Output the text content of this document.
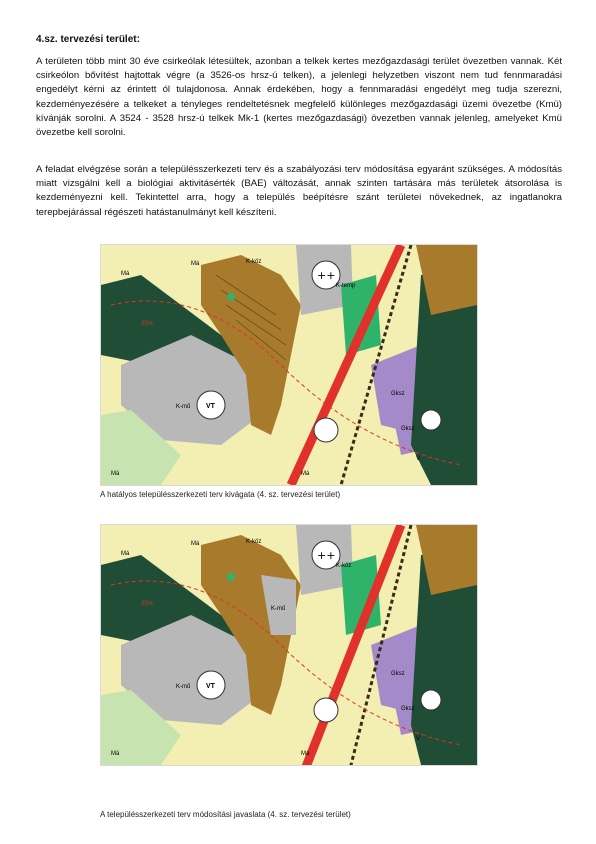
4.sz. tervezési terület:

A területen több mint 30 éve csirkeólak létesültek, azonban a telkek kertes mezőgazdasági terület övezetben vannak. Két csirkeólon bővítést hajtottak végre (a 3526-os hrsz-ú telken), a jelenlegi helyzetben viszont nem tud fennmaradási engedélyt kérni az érintett ól tulajdonosa. Annak érdekében, hogy a fennmaradási engedélyt meg tudja szerezni, kezdeményezésére a telkeket a tényleges rendeltetésnek megfelelő különleges mezőgazdasági üzemi övezetbe (Kmü) kívánják sorolni. A 3524 - 3528 hrsz-ú telkek Mk-1 (kertes mezőgazdasági) övezetben vannak jelenleg, amelyeket Kmü övezetbe kell sorolni.

A feladat elvégzése során a településszerkezeti terv és a szabályozási terv módosítása egyaránt szükséges. A módosítás miatt vizsgálni kell a biológiai aktivitásérték (BAE) változását, annak szinten tartására más területek átsorolása is kezdeményezni kell. Tekintettel arra, hogy a település beépítésre szánt területei növekednek, az ingatlanokra terepbejárással régészeti hatástanulmányt kell készíteni.

++
K-köz
K-temp
K-mű VT
Gksz
Gksz
Má
Má
Má	Má
V
25m
A hatályos településszerkezeti terv kivágata (4. sz. tervezési terület)
++
K-köz
K-köz
K-mű
K-mű
VT
Gksz
Gksz
Má
Má
Má	Má
V
25m
A településszerkezeti terv módosítási javaslata (4. sz. tervezési terület)
